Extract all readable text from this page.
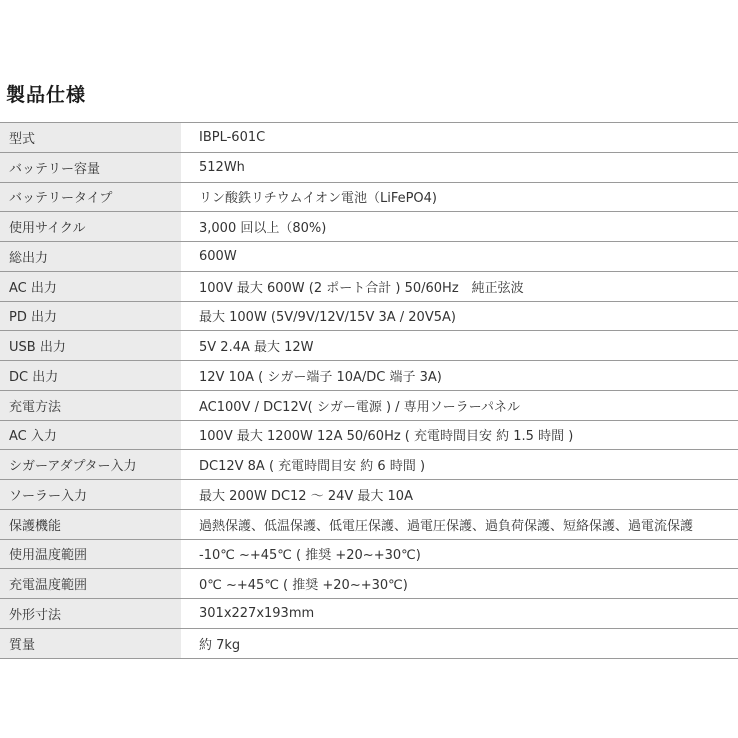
製品仕様
型式	IBPL-601C
バッテリー容量	512Wh
バッテリータイプ	リン酸鉄リチウムイオン電池（LiFePO4)
使用サイクル	3,000 回以上（80%)
総出力	600W
AC 出力	100V 最大 600W (2 ポート合計 ) 50/60Hz　純正弦波
PD 出力	最大 100W (5V/9V/12V/15V 3A / 20V5A)
USB 出力	5V 2.4A 最大 12W
DC 出力	12V 10A ( シガー端子 10A/DC 端子 3A)
充電方法	AC100V / DC12V( シガー電源 ) / 専用ソーラーパネル
AC 入力	100V 最大 1200W 12A 50/60Hz ( 充電時間目安 約 1.5 時間 )
シガーアダプター入力	DC12V 8A ( 充電時間目安 約 6 時間 )
ソーラー入力	最大 200W DC12 ～ 24V 最大 10A
保護機能	過熱保護、低温保護、低電圧保護、過電圧保護、過負荷保護、短絡保護、過電流保護
使用温度範囲	-10℃ ~+45℃ ( 推奨 +20~+30℃)
充電温度範囲	0℃ ~+45℃ ( 推奨 +20~+30℃)
外形寸法	301x227x193mm
質量	約 7kg
